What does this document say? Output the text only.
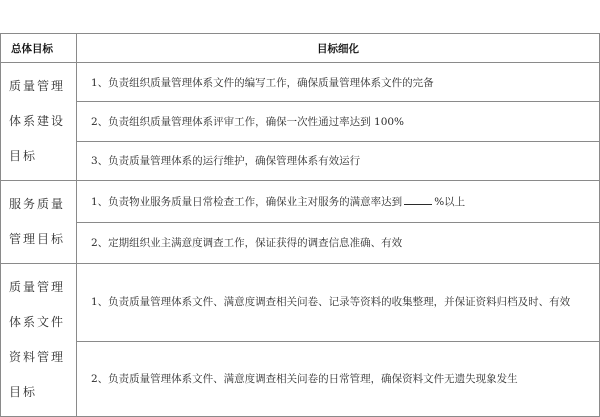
总体目标	目标细化
质量管理体系建设目标	1、负责组织质量管理体系文件的编写工作，确保质量管理体系文件的完备
	2、负责组织质量管理体系评审工作，确保一次性通过率达到 100%
	3、负责质量管理体系的运行维护，确保管理体系有效运行
服务质量管理目标	1、负责物业服务质量日常检查工作，确保业主对服务的满意率达到 %以上
	2、定期组织业主满意度调查工作，保证获得的调查信息准确、有效
质量管理体系文件资料管理目标	1、负责质量管理体系文件、满意度调查相关问卷、记录等资料的收集整理，并保证资料归档及时、有效
	2、负责质量管理体系文件、满意度调查相关问卷的日常管理，确保资料文件无遗失现象发生
